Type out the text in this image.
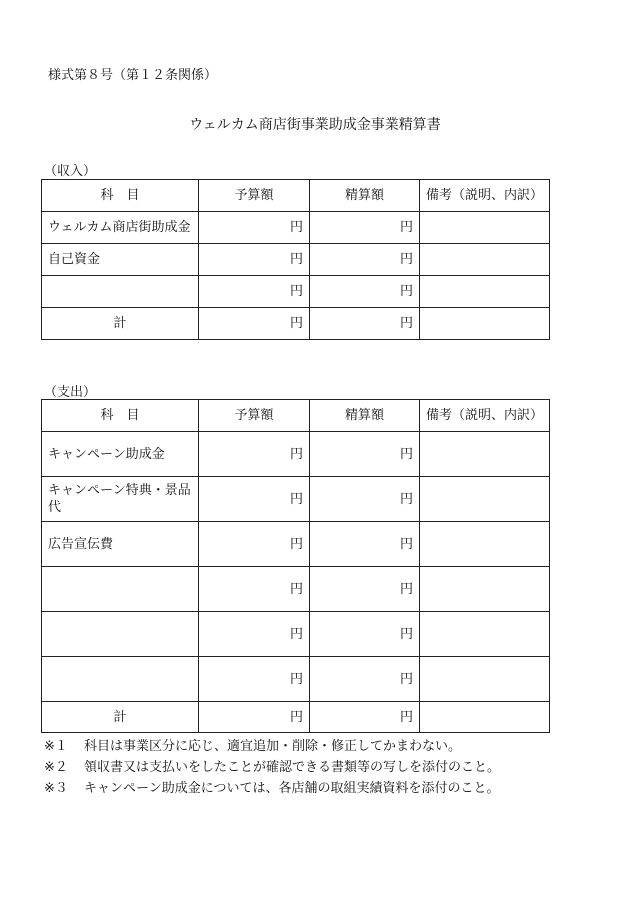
様式第８号（第１２条関係）
ウェルカム商店街事業助成金事業精算書
（収入）
科　目	予算額	精算額	備考（説明、内訳）
ウェルカム商店街助成金	円	円	
自己資金	円	円	
	円	円	
計	円	円	
（支出）
科　目	予算額	精算額	備考（説明、内訳）
キャンペーン助成金	円	円	
キャンペーン特典・景品代	円	円	
広告宣伝費	円	円	
	円	円	
	円	円	
	円	円	
計	円	円	
※１ 科目は事業区分に応じ、適宜追加・削除・修正してかまわない。
※２ 領収書又は支払いをしたことが確認できる書類等の写しを添付のこと。
※３ キャンペーン助成金については、各店舗の取組実績資料を添付のこと。
